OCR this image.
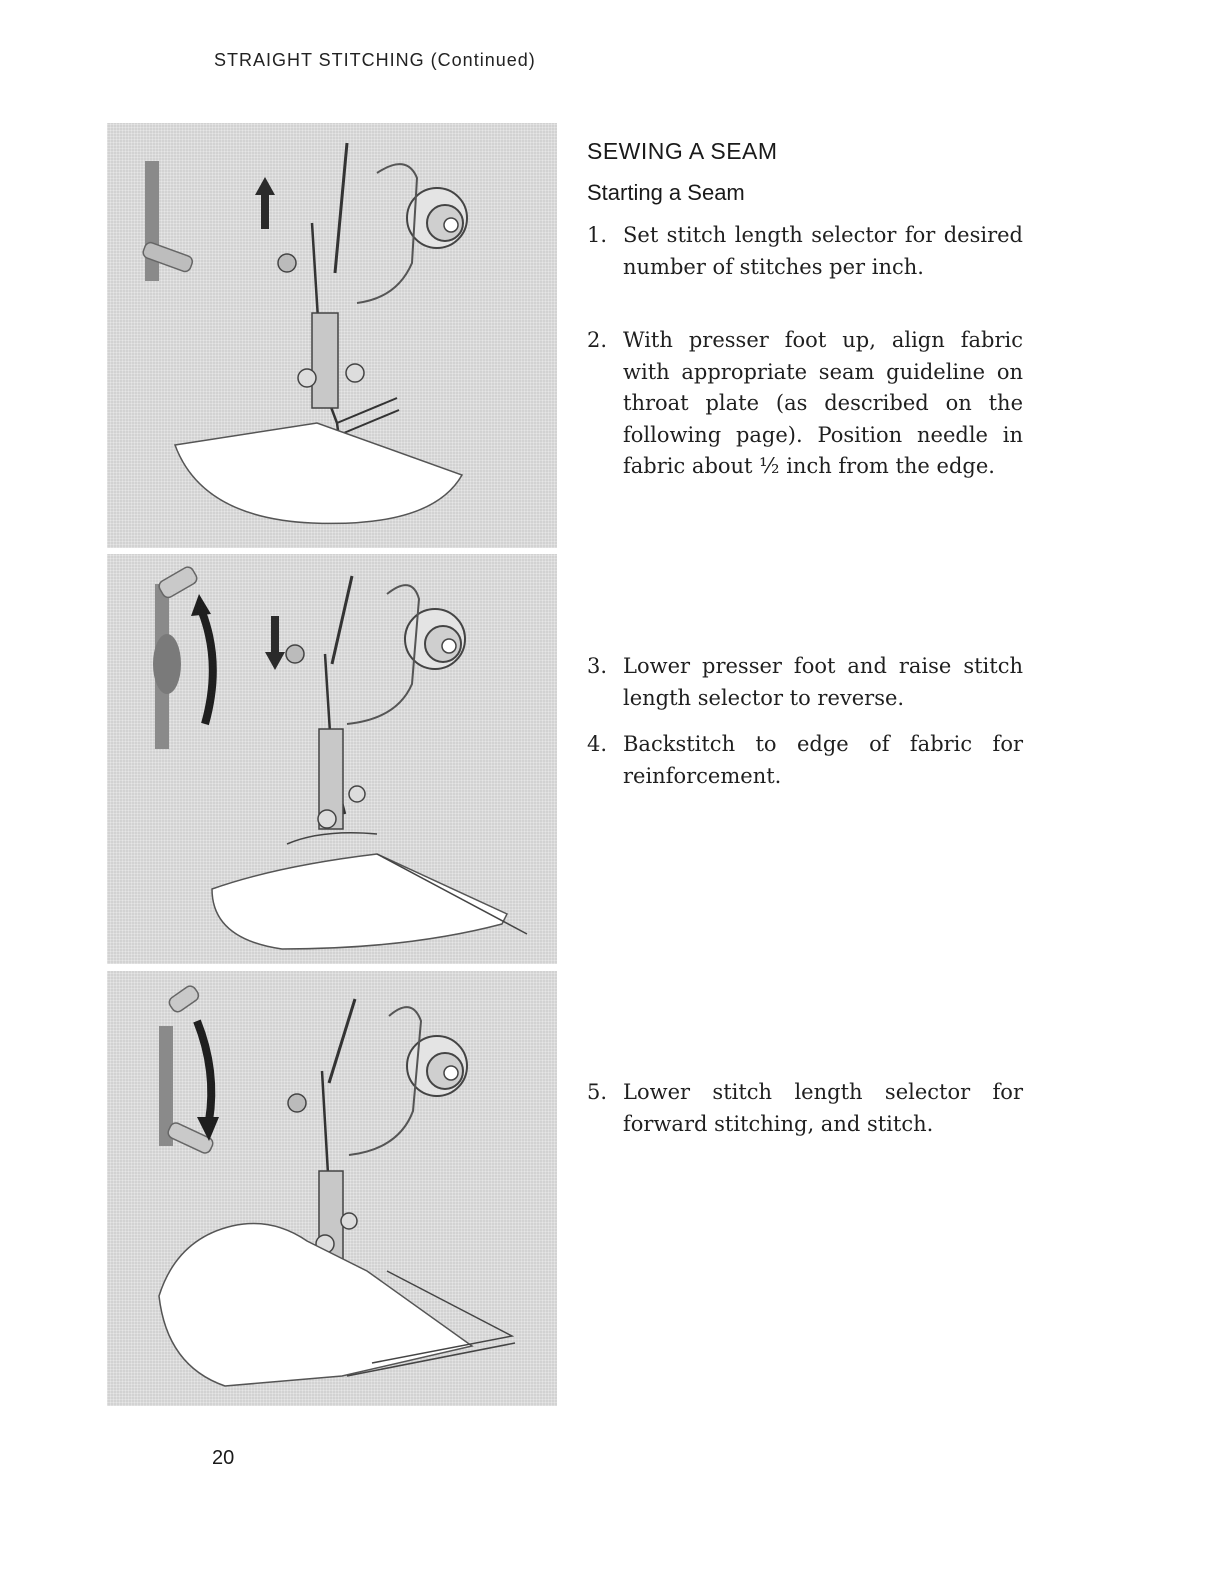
STRAIGHT STITCHING (Continued)
SEWING A SEAM
Starting a Seam
1. Set stitch length selector for desired number of stitches per inch.
2. With presser foot up, align fabric with appropriate seam guideline on throat plate (as described on the following page). Position needle in fabric about ½ inch from the edge.
3. Lower presser foot and raise stitch length selector to reverse.
4. Backstitch to edge of fabric for reinforcement.
5. Lower stitch length selector for forward stitching, and stitch.
20
